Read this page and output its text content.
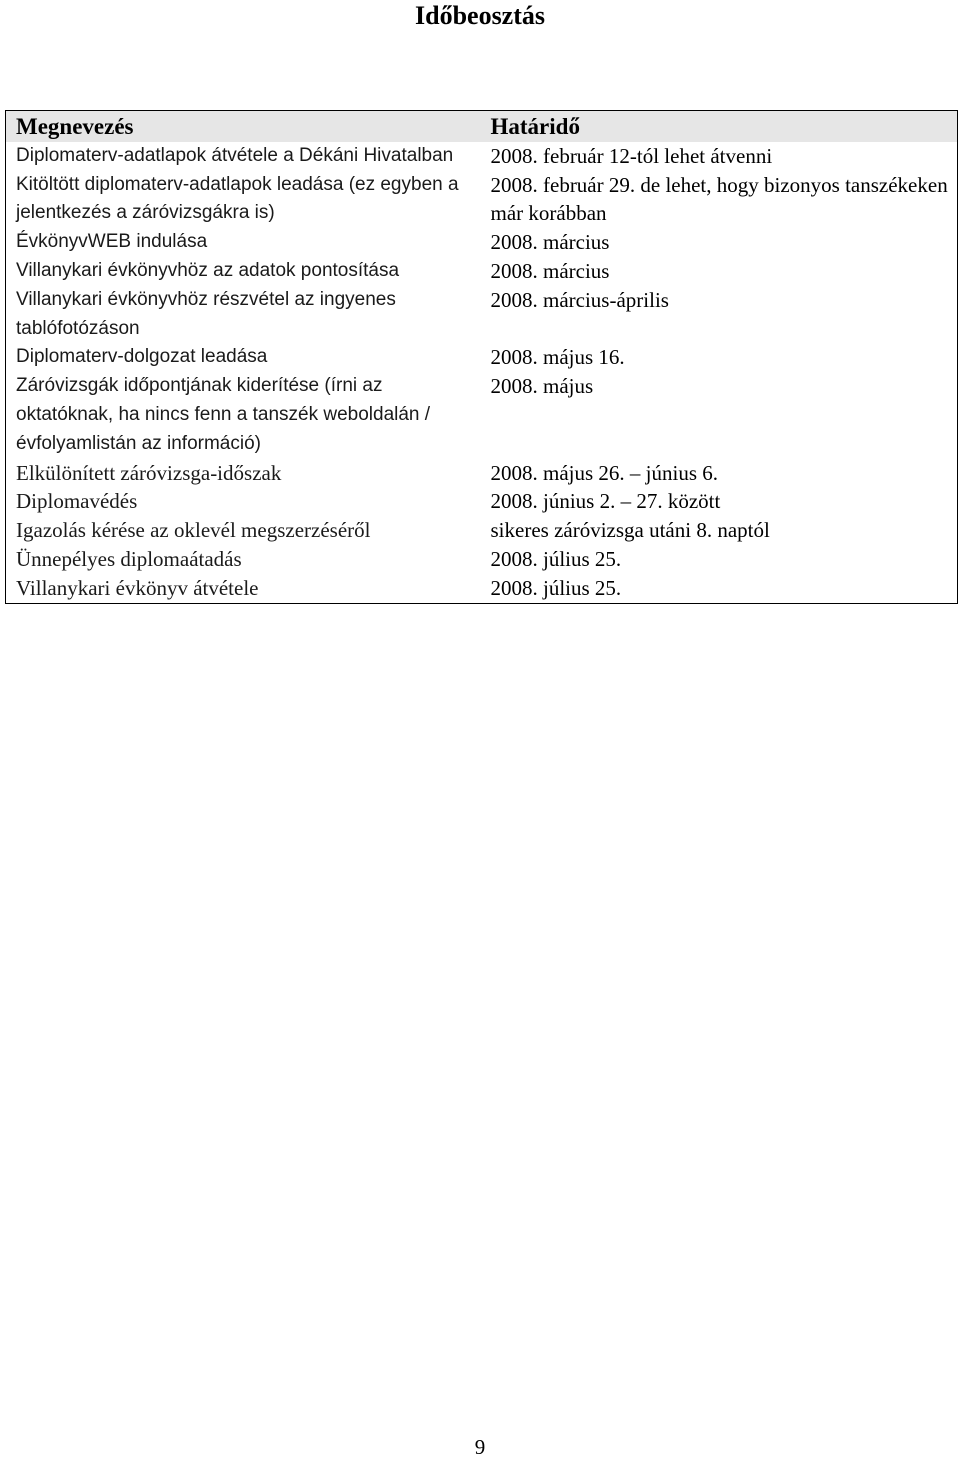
Időbeosztás
Megnevezés	Határidő
Diplomaterv-adatlapok átvétele a Dékáni Hivatalban	2008. február 12-tól lehet átvenni
Kitöltött diplomaterv-adatlapok leadása (ez egyben a jelentkezés a záróvizsgákra is)	2008. február 29. de lehet, hogy bizonyos tanszékeken már korábban
ÉvkönyvWEB indulása	2008. március
Villanykari évkönyvhöz az adatok pontosítása	2008. március
Villanykari évkönyvhöz részvétel az ingyenes tablófotózáson	2008. március-április
Diplomaterv-dolgozat leadása	2008. május 16.
Záróvizsgák időpontjának kiderítése (írni az oktatóknak, ha nincs fenn a tanszék weboldalán / évfolyamlistán az információ)	2008. május
Elkülönített záróvizsga-időszak	2008. május 26. – június 6.
Diplomavédés	2008. június 2. – 27. között
Igazolás kérése az oklevél megszerzéséről	sikeres záróvizsga utáni 8. naptól
Ünnepélyes diplomaátadás	2008. július 25.
Villanykari évkönyv átvétele	2008. július 25.
9
